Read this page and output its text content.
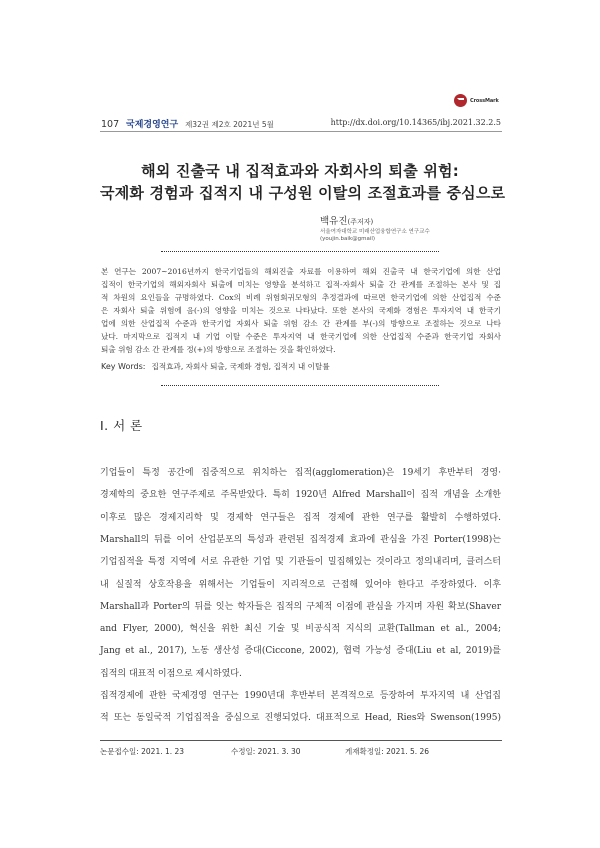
CrossMark
107 국제경영연구 제32권 제2호 2021년 5월	http://dx.doi.org/10.14365/ibj.2021.32.2.5
해외 진출국 내 집적효과와 자회사의 퇴출 위험:
국제화 경험과 집적지 내 구성원 이탈의 조절효과를 중심으로
백유진(주저자)
서울여자대학교 미래산업융합연구소 연구교수
(youjin.baik@gmail)
본 연구는 2007~2016년까지 한국기업들의 해외진출 자료를 이용하여 해외 진출국 내 한국기업에 의한 산업
집적이 한국기업의 해외자회사 퇴출에 미치는 영향을 분석하고 집적-자회사 퇴출 간 관계를 조절하는 본사 및 집
적 차원의 요인들을 규명하였다. Cox의 비례 위험회귀모형의 추정결과에 따르면 한국기업에 의한 산업집적 수준
은 자회사 퇴출 위험에 음(-)의 영향을 미치는 것으로 나타났다. 또한 본사의 국제화 경험은 투자지역 내 한국기
업에 의한 산업집적 수준과 한국기업 자회사 퇴출 위험 감소 간 관계를 부(-)의 방향으로 조절하는 것으로 나타
났다. 마지막으로 집적지 내 기업 이탈 수준은 투자지역 내 한국기업에 의한 산업집적 수준과 한국기업 자회사
퇴출 위험 감소 간 관계를 정(+)의 방향으로 조절하는 것을 확인하였다.
Key Words: 집적효과, 자회사 퇴출, 국제화 경험, 집적지 내 이탈률
Ⅰ. 서 론
기업들이 특정 공간에 집중적으로 위치하는 집적(agglomeration)은 19세기 후반부터 경영·
경제학의 중요한 연구주제로 주목받았다. 특히 1920년 Alfred Marshall이 집적 개념을 소개한
이후로 많은 경제지리학 및 경제학 연구들은 집적 경제에 관한 연구를 활발히 수행하였다.
Marshall의 뒤를 이어 산업분포의 특성과 관련된 집적경제 효과에 관심을 가진 Porter(1998)는
기업집적을 특정 지역에 서로 유관한 기업 및 기관들이 밀집해있는 것이라고 정의내리며, 클러스터
내 실질적 상호작용을 위해서는 기업들이 지리적으로 근접해 있어야 한다고 주장하였다. 이후
Marshall과 Porter의 뒤를 잇는 학자들은 집적의 구체적 이점에 관심을 가지며 자원 확보(Shaver
and Flyer, 2000), 혁신을 위한 최신 기술 및 비공식적 지식의 교환(Tallman et al., 2004;
Jang et al., 2017), 노동 생산성 증대(Ciccone, 2002), 협력 가능성 증대(Liu et al, 2019)를
집적의 대표적 이점으로 제시하였다.
집적경제에 관한 국제경영 연구는 1990년대 후반부터 본격적으로 등장하여 투자지역 내 산업집
적 또는 동일국적 기업집적을 중심으로 진행되었다. 대표적으로 Head, Ries와 Swenson(1995)
논문접수일: 2021. 1. 23	수정일: 2021. 3. 30	게재확정일: 2021. 5. 26
